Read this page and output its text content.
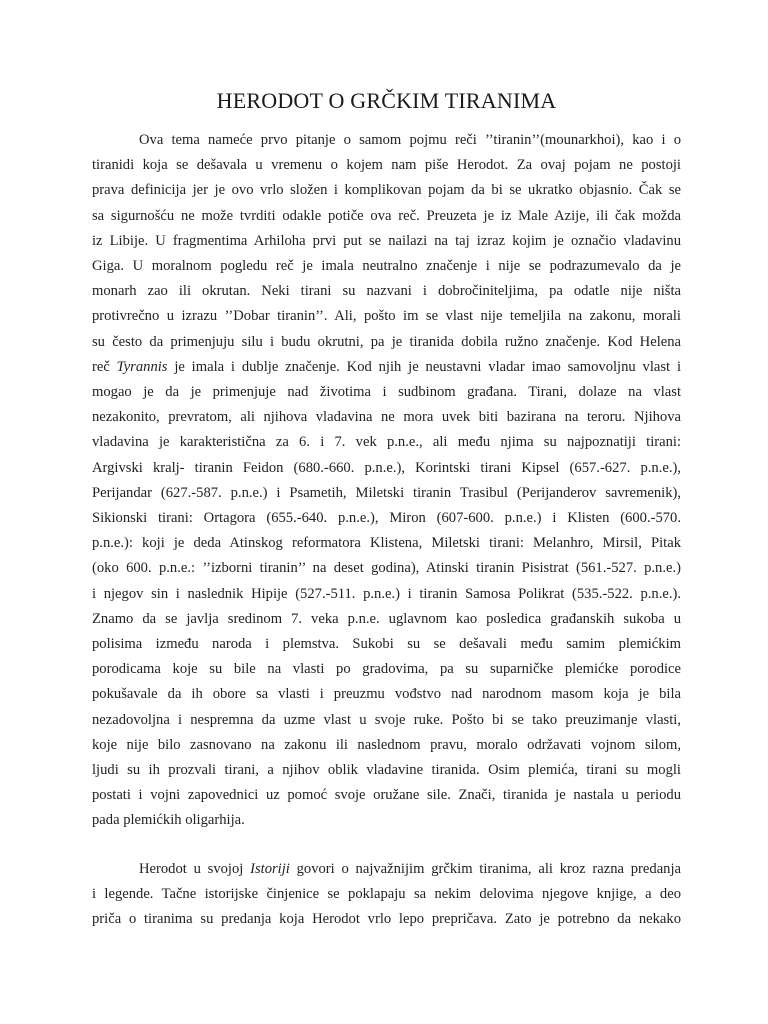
HERODOT O GRČKIM TIRANIMA
Ova tema nameće prvo pitanje o samom pojmu reči ’’tiranin’’(mounarkhoi), kao i o
tiranidi koja se dešavala u vremenu o kojem nam piše Herodot. Za ovaj pojam ne postoji
prava definicija jer je ovo vrlo složen i komplikovan pojam da bi se ukratko objasnio. Čak se
sa sigurnošću ne može tvrditi odakle potiče ova reč. Preuzeta je iz Male Azije, ili čak možda
iz Libije. U fragmentima Arhiloha prvi put se nailazi na taj izraz kojim je označio vladavinu
Giga. U moralnom pogledu reč je imala neutralno značenje i nije se podrazumevalo da je
monarh zao ili okrutan. Neki tirani su nazvani i dobročiniteljima, pa odatle nije ništa
protivrečno u izrazu ’’Dobar tiranin’’. Ali, pošto im se vlast nije temeljila na zakonu, morali
su često da primenjuju silu i budu okrutni, pa je tiranida dobila ružno značenje. Kod Helena
reč Tyrannis je imala i dublje značenje. Kod njih je neustavni vladar imao samovoljnu vlast i
mogao je da je primenjuje nad životima i sudbinom građana. Tirani, dolaze na vlast
nezakonito, prevratom, ali njihova vladavina ne mora uvek biti bazirana na teroru. Njihova
vladavina je karakteristična za 6. i 7. vek p.n.e., ali među njima su najpoznatiji tirani:
Argivski kralj- tiranin Feidon (680.-660. p.n.e.), Korintski tirani Kipsel (657.-627. p.n.e.),
Perijandar (627.-587. p.n.e.) i Psametih, Miletski tiranin Trasibul (Perijanderov savremenik),
Sikionski tirani: Ortagora (655.-640. p.n.e.), Miron (607-600. p.n.e.) i Klisten (600.-570.
p.n.e.): koji je deda Atinskog reformatora Klistena, Miletski tirani: Melanhro, Mirsil, Pitak
(oko 600. p.n.e.: ’’izborni tiranin’’ na deset godina), Atinski tiranin Pisistrat (561.-527. p.n.e.)
i njegov sin i naslednik Hipije (527.-511. p.n.e.) i tiranin Samosa Polikrat (535.-522. p.n.e.).
Znamo da se javlja sredinom 7. veka p.n.e. uglavnom kao posledica građanskih sukoba u
polisima između naroda i plemstva. Sukobi su se dešavali među samim plemićkim
porodicama koje su bile na vlasti po gradovima, pa su suparničke plemićke porodice
pokušavale da ih obore sa vlasti i preuzmu vođstvo nad narodnom masom koja je bila
nezadovoljna i nespremna da uzme vlast u svoje ruke. Pošto bi se tako preuzimanje vlasti,
koje nije bilo zasnovano na zakonu ili naslednom pravu, moralo održavati vojnom silom,
ljudi su ih prozvali tirani, a njihov oblik vladavine tiranida. Osim plemića, tirani su mogli
postati i vojni zapovednici uz pomoć svoje oružane sile. Znači, tiranida je nastala u periodu
pada plemićkih oligarhija.
Herodot u svojoj Istoriji govori o najvažnijim grčkim tiranima, ali kroz razna predanja
i legende. Tačne istorijske činjenice se poklapaju sa nekim delovima njegove knjige, a deo
priča o tiranima su predanja koja Herodot vrlo lepo prepričava. Zato je potrebno da nekako
